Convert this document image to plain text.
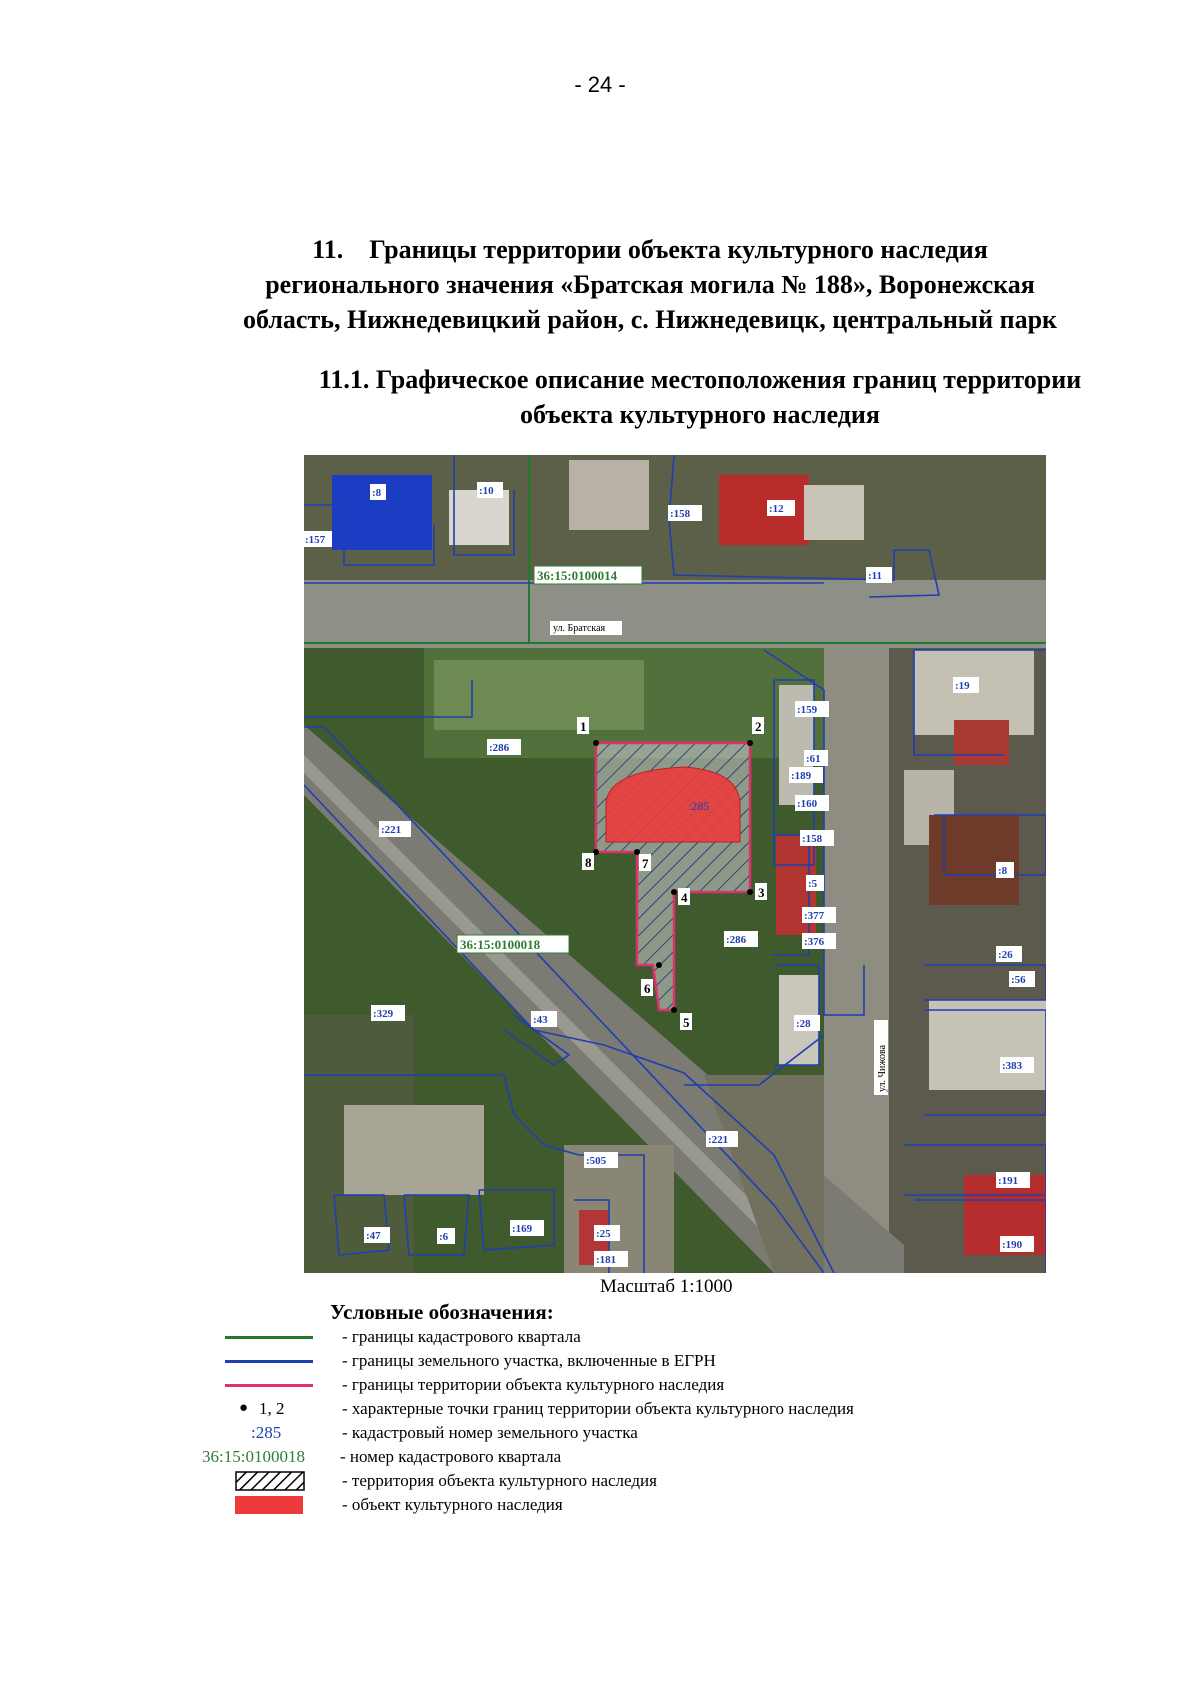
- 24 -
11.    Границы территории объекта культурного наследия
регионального значения «Братская могила № 188», Воронежская
область, Нижнедевицкий район, с. Нижнедевицк, центральный парк
11.1. Графическое описание местоположения границ территории
объекта культурного наследия
:285
1	2
3
4
5
6
7
8
36:15:0100014
36:15:0100018
ул. Братская
ул. Чижова
:8	:10
:157
:158	:12
:11
:19
:159
:286
:61
:189
:160
:221
:158
:8
:5
:377
:376
:286
:26
:56
:329	:43	:28
:383
:221
:505
:191
:47	:6
:169	:25
:181
:190
Масштаб 1:1000
Условные обозначения:
- границы кадастрового квартала
- границы земельного участка, включенные в ЕГРН
- границы территории объекта культурного наследия
● 1, 2	- характерные точки границ территории объекта культурного наследия
:285	- кадастровый номер земельного участка
36:15:0100018 - номер кадастрового квартала
- территория объекта культурного наследия
- объект культурного наследия
